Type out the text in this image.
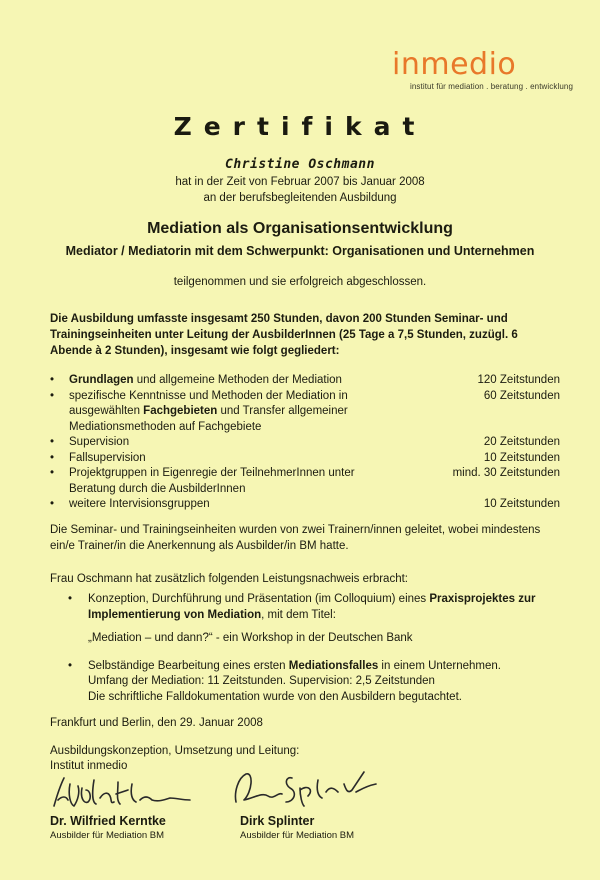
inmedio
institut für mediation . beratung . entwicklung
Zertifikat
Christine Oschmann
hat in der Zeit von Februar 2007 bis Januar 2008
an der berufsbegleitenden Ausbildung
Mediation als Organisationsentwicklung
Mediator / Mediatorin mit dem Schwerpunkt: Organisationen und Unternehmen
teilgenommen und sie erfolgreich abgeschlossen.
Die Ausbildung umfasste insgesamt 250 Stunden, davon 200 Stunden Seminar- und Trainingseinheiten unter Leitung der AusbilderInnen (25 Tage a 7,5 Stunden, zuzügl. 6 Abende à 2 Stunden), insgesamt wie folgt gegliedert:
•	Grundlagen und allgemeine Methoden der Mediation	120 Zeitstunden
•	spezifische Kenntnisse und Methoden der Mediation in ausgewählten Fachgebieten und Transfer allgemeiner Mediationsmethoden auf Fachgebiete
60 Zeitstunden
•	Supervision	20 Zeitstunden
•	Fallsupervision	10 Zeitstunden
•	Projektgruppen in Eigenregie der TeilnehmerInnen unter Beratung durch die AusbilderInnen
mind. 30 Zeitstunden
•	weitere Intervisionsgruppen	10 Zeitstunden
Die Seminar- und Trainingseinheiten wurden von zwei Trainern/innen geleitet, wobei mindestens ein/e Trainer/in die Anerkennung als Ausbilder/in BM hatte.
Frau Oschmann hat zusätzlich folgenden Leistungsnachweis erbracht:
•	Konzeption, Durchführung und Präsentation (im Colloquium) eines Praxisprojektes zur Implementierung von Mediation, mit dem Titel:
„Mediation – und dann?“ - ein Workshop in der Deutschen Bank
•	Selbständige Bearbeitung eines ersten Mediationsfalles in einem Unternehmen.
Umfang der Mediation: 11 Zeitstunden. Supervision: 2,5 Zeitstunden
Die schriftliche Falldokumentation wurde von den Ausbildern begutachtet.
Frankfurt und Berlin, den 29. Januar 2008
Ausbildungskonzeption, Umsetzung und Leitung:
Institut inmedio
Dr. Wilfried Kerntke
Ausbilder für Mediation BM
Dirk Splinter
Ausbilder für Mediation BM
